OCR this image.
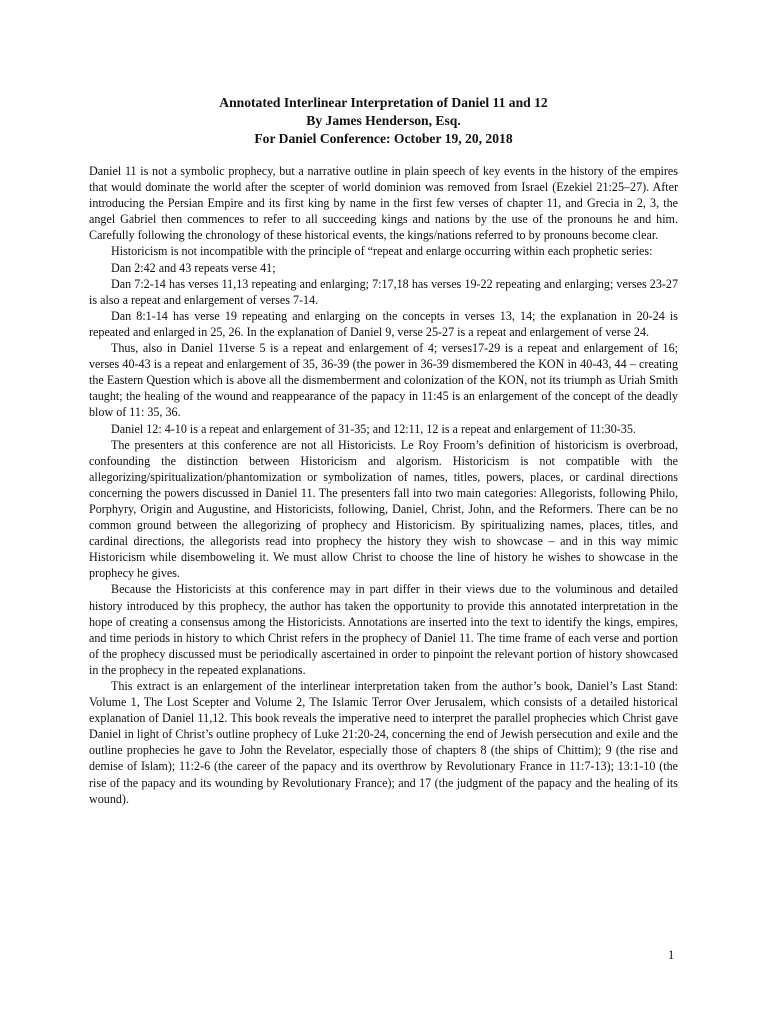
Annotated Interlinear Interpretation of Daniel 11 and 12
By James Henderson, Esq.
For Daniel Conference: October 19, 20, 2018

Daniel 11 is not a symbolic prophecy, but a narrative outline in plain speech of key events in the history of the empires that would dominate the world after the scepter of world dominion was removed from Israel (Ezekiel 21:25–27). After introducing the Persian Empire and its first king by name in the first few verses of chapter 11, and Grecia in 2, 3, the angel Gabriel then commences to refer to all succeeding kings and nations by the use of the pronouns he and him. Carefully following the chronology of these historical events, the kings/nations referred to by pronouns become clear.

Historicism is not incompatible with the principle of “repeat and enlarge occurring within each prophetic series:

Dan 2:42 and 43 repeats verse 41;

Dan 7:2-14 has verses 11,13 repeating and enlarging; 7:17,18 has verses 19-22 repeating and enlarging; verses 23-27 is also a repeat and enlargement of verses 7-14.

Dan 8:1-14 has verse 19 repeating and enlarging on the concepts in verses 13, 14; the explanation in 20-24 is repeated and enlarged in 25, 26. In the explanation of Daniel 9, verse 25-27 is a repeat and enlargement of verse 24.

Thus, also in Daniel 11verse 5 is a repeat and enlargement of 4; verses17-29 is a repeat and enlargement of 16; verses 40-43 is a repeat and enlargement of 35, 36-39 (the power in 36-39 dismembered the KON in 40-43, 44 – creating the Eastern Question which is above all the dismemberment and colonization of the KON, not its triumph as Uriah Smith taught; the healing of the wound and reappearance of the papacy in 11:45 is an enlargement of the concept of the deadly blow of 11: 35, 36.

Daniel 12: 4-10 is a repeat and enlargement of 31-35; and 12:11, 12 is a repeat and enlargement of 11:30-35.

The presenters at this conference are not all Historicists. Le Roy Froom’s definition of historicism is overbroad, confounding the distinction between Historicism and algorism. Historicism is not compatible with the allegorizing/spiritualization/phantomization or symbolization of names, titles, powers, places, or cardinal directions concerning the powers discussed in Daniel 11. The presenters fall into two main categories: Allegorists, following Philo, Porphyry, Origin and Augustine, and Historicists, following, Daniel, Christ, John, and the Reformers. There can be no common ground between the allegorizing of prophecy and Historicism. By spiritualizing names, places, titles, and cardinal directions, the allegorists read into prophecy the history they wish to showcase – and in this way mimic Historicism while disemboweling it. We must allow Christ to choose the line of history he wishes to showcase in the prophecy he gives.

Because the Historicists at this conference may in part differ in their views due to the voluminous and detailed history introduced by this prophecy, the author has taken the opportunity to provide this annotated interpretation in the hope of creating a consensus among the Historicists. Annotations are inserted into the text to identify the kings, empires, and time periods in history to which Christ refers in the prophecy of Daniel 11. The time frame of each verse and portion of the prophecy discussed must be periodically ascertained in order to pinpoint the relevant portion of history showcased in the prophecy in the repeated explanations.

This extract is an enlargement of the interlinear interpretation taken from the author’s book, Daniel’s Last Stand: Volume 1, The Lost Scepter and Volume 2, The Islamic Terror Over Jerusalem, which consists of a detailed historical explanation of Daniel 11,12. This book reveals the imperative need to interpret the parallel prophecies which Christ gave Daniel in light of Christ’s outline prophecy of Luke 21:20-24, concerning the end of Jewish persecution and exile and the outline prophecies he gave to John the Revelator, especially those of chapters 8 (the ships of Chittim); 9 (the rise and demise of Islam); 11:2-6 (the career of the papacy and its overthrow by Revolutionary France in 11:7-13); 13:1-10 (the rise of the papacy and its wounding by Revolutionary France); and 17 (the judgment of the papacy and the healing of its wound).

1
